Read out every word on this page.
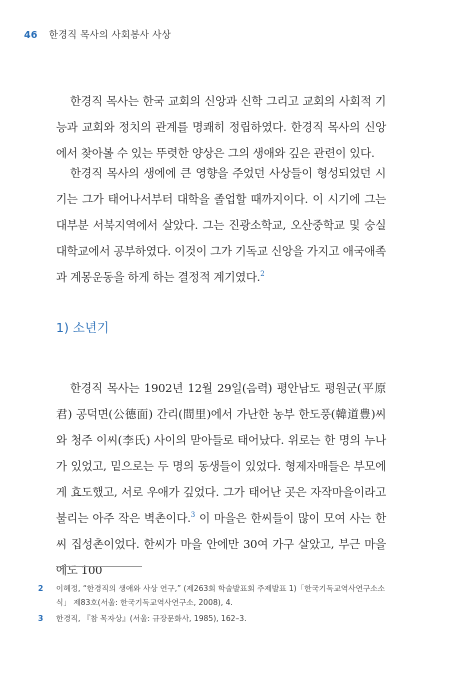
46 한경직 목사의 사회봉사 사상

한경직 목사는 한국 교회의 신앙과 신학 그리고 교회의 사회적 기능과 교회와 정치의 관계를 명쾌히 정립하였다. 한경직 목사의 신앙에서 찾아볼 수 있는 뚜렷한 양상은 그의 생애와 깊은 관련이 있다.

한경직 목사의 생에에 큰 영향을 주었던 사상들이 형성되었던 시기는 그가 태어나서부터 대학을 졸업할 때까지이다. 이 시기에 그는 대부분 서북지역에서 살았다. 그는 진광소학교, 오산중학교 및 숭실대학교에서 공부하였다. 이것이 그가 기독교 신앙을 가지고 애국애족과 계몽운동을 하게 하는 결정적 계기였다.$^2$

1) 소년기

한경직 목사는 1902년 12월 29일(음력) 평안남도 평원군(平原君) 공덕면(公德面) 간리(間里)에서 가난한 농부 한도풍(韓道豊)씨와 청주 이씨(李氏) 사이의 맏아들로 태어났다. 위로는 한 명의 누나가 있었고, 밑으로는 두 명의 동생들이 있었다. 형제자매들은 부모에게 효도했고, 서로 우애가 깊었다. 그가 태어난 곳은 자작마을이라고 불리는 아주 작은 벽촌이다.$^3$ 이 마을은 한씨들이 많이 모여 사는 한씨 집성촌이었다. 한씨가 마을 안에만 30여 가구 살았고, 부근 마을에도 100

2	이혜정, “한경직의 생애와 사상 연구,” (제263회 학술발표회 주제발표 1)「한국기독교역사연구소소식」 제83호(서울: 한국기독교역사연구소, 2008), 4.
3	한경직, 『참 목자상』(서울: 규장문화사, 1985), 162–3.
